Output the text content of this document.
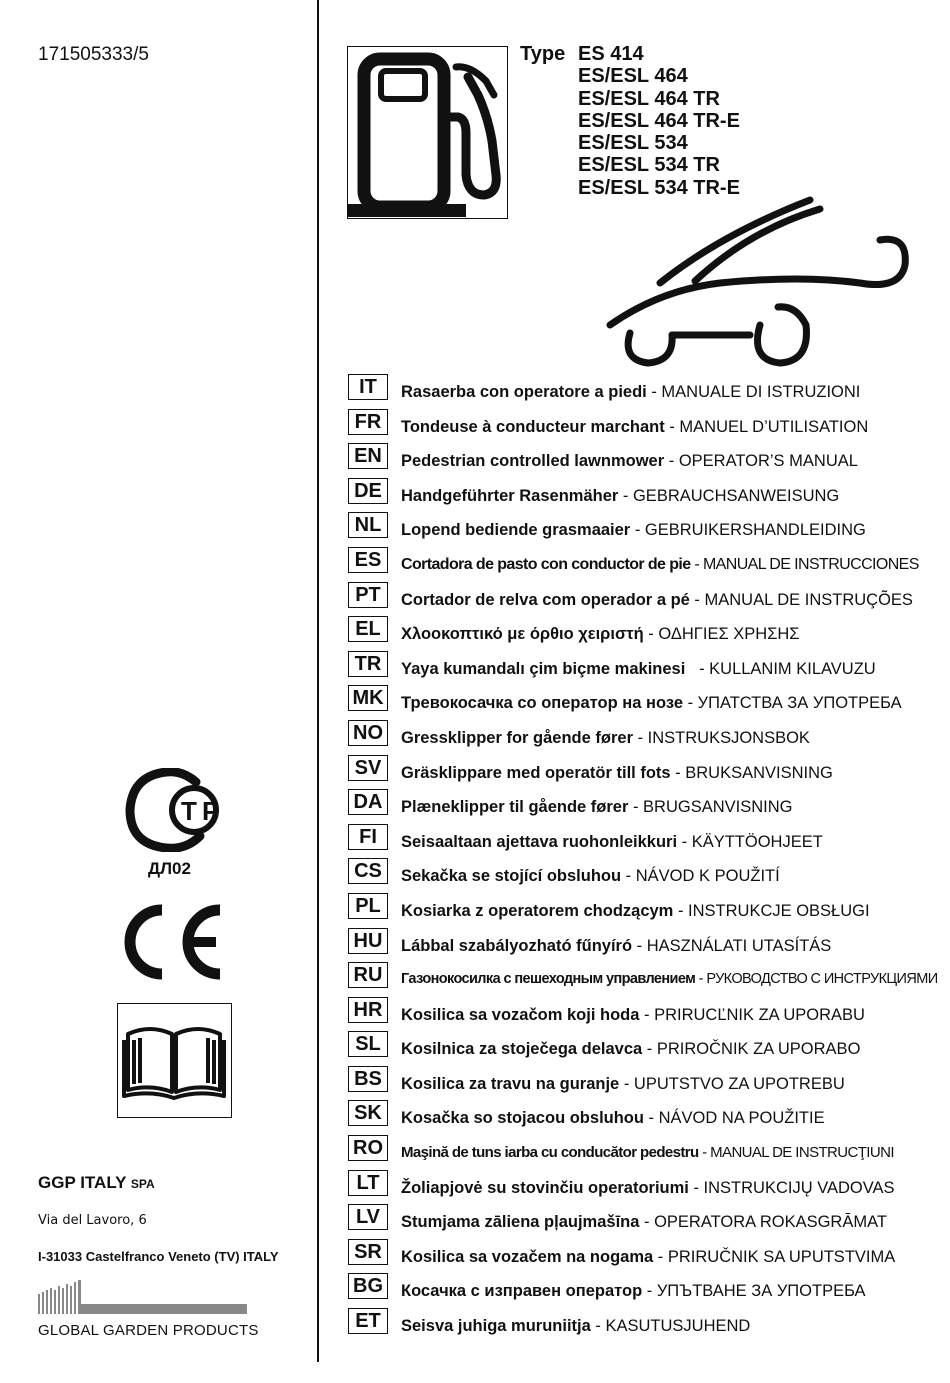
171505333/5	Type ES 414
ES/ESL 464
ES/ESL 464 TR
ES/ESL 464 TR-E
ES/ESL 534
ES/ESL 534 TR
ES/ESL 534 TR-E
IT	Rasaerba con operatore a piedi - MANUALE DI ISTRUZIONI
FR	Tondeuse à conducteur marchant - MANUEL D’UTILISATION
EN	Pedestrian controlled lawnmower - OPERATOR’S MANUAL
DE	Handgeführter Rasenmäher - GEBRAUCHSANWEISUNG
NL	Lopend bediende grasmaaier - GEBRUIKERSHANDLEIDING
ES	Cortadora de pasto con conductor de pie - MANUAL DE INSTRUCCIONES
PT	Cortador de relva com operador a pé - MANUAL DE INSTRUÇÕES
EL	Χλοοκοπτικό με όρθιο χειριστή - ΟΔΗΓΙΕΣ ΧΡΗΣΗΣ
TR	Yaya kumandalı çim biçme makinesi   - KULLANIM KILAVUZU
MK Тревокосачка со оператор на нозе - УПАТСТВА ЗА УПОТРЕБА
NO	Gressklipper for gående fører - INSTRUKSJONSBOK
SV	Gräsklippare med operatör till fots - BRUKSANVISNING
DA	Plæneklipper til gående fører - BRUGSANVISNING
FI	Seisaaltaan ajettava ruohonleikkuri - KÄYTTÖOHJEET
CS	Sekačka se stojící obsluhou - NÁVOD K POUŽITÍ
PL	Kosiarka z operatorem chodzącym - INSTRUKCJE OBSŁUGI
HU	Lábbal szabályozható fűnyíró - HASZNÁLATI UTASÍTÁS
RU	Газонокосилка с пешеходным управлением - РУКОВОДСТВО С ИНСТРУКЦИЯМИ
HR	Kosilica sa vozačom koji hoda - PRIRUCĽNIK ZA UPORABU
SL	Kosilnica za stoječega delavca - PRIROČNIK ZA UPORABO
BS	Kosilica za travu na guranje - UPUTSTVO ZA UPOTREBU
SK	Kosačka so stojacou obsluhou - NÁVOD NA POUŽITIE
RO	Maşină de tuns iarba cu conducător pedestru - MANUAL DE INSTRUCŢIUNI
LT	Žoliapjovė su stovinčiu operatoriumi - INSTRUKCIJŲ VADOVAS
LV	Stumjama zāliena pļaujmašīna - OPERATORA ROKASGRĀMAT
SR	Kosilica sa vozačem na nogama - PRIRUČNIK SA UPUTSTVIMA
BG	Косачка с изправен оператор - УПЪТВАНЕ ЗА УПОТРЕБА
ET	Seisva juhiga muruniitja - KASUTUSJUHEND
Т Р
ДЛ02
GGP ITALY SPA
Via del Lavoro, 6
I-31033 Castelfranco Veneto (TV) ITALY
GLOBAL GARDEN PRODUCTS
